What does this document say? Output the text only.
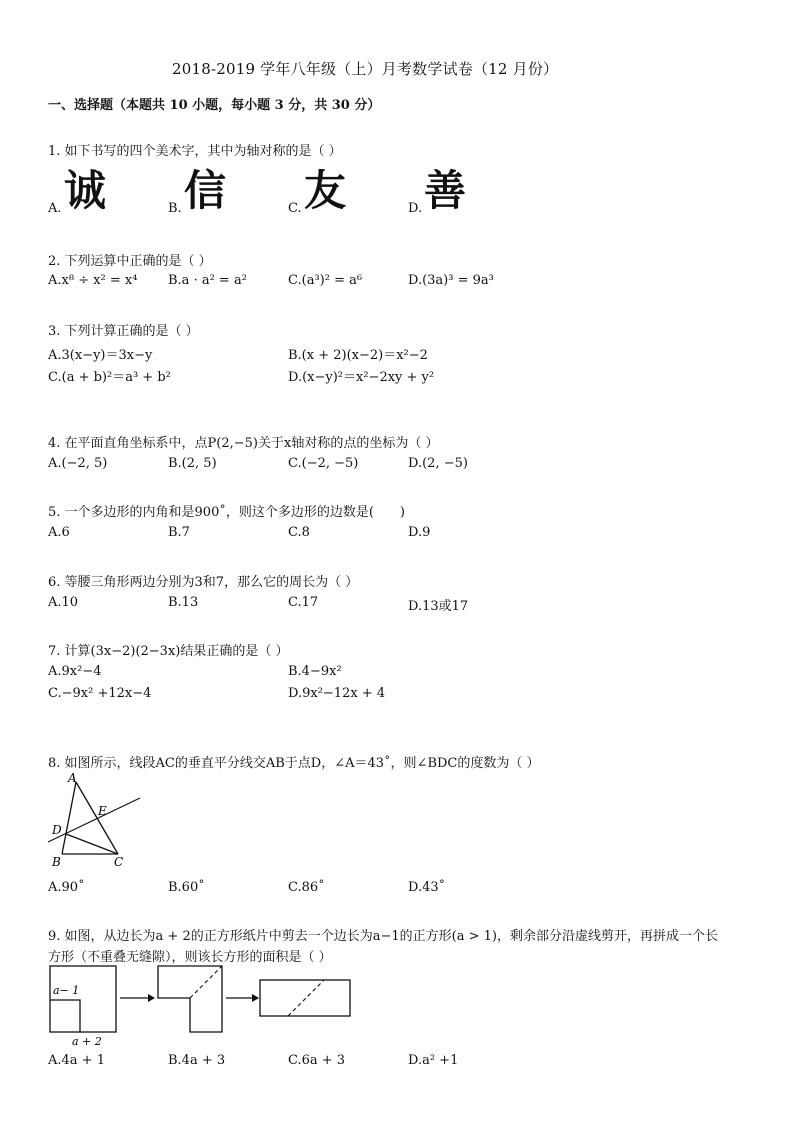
2018-2019 学年八年级（上）月考数学试卷（12 月份）
一、选择题（本题共 10 小题，每小题 3 分，共 30 分）
1. 如下书写的四个美术字，其中为轴对称的是（ ）
A. 诚	B. 信	C. 友	D. 善
2. 下列运算中正确的是（ ）
A.x⁸ ÷ x² = x⁴ B.a · a² = a²	C.(a³)² = a⁶	D.(3a)³ = 9a³
3. 下列计算正确的是（ ）
A.3(x−y)＝3x−y	B.(x + 2)(x−2)＝x²−2
C.(a + b)²＝a³ + b²	D.(x−y)²＝x²−2xy + y²
4. 在平面直角坐标系中，点P(2,−5)关于x轴对称的点的坐标为（ ）
A.(−2, 5)	B.(2, 5)	C.(−2, −5)	D.(2, −5)
5. 一个多边形的内角和是900˚，则这个多边形的边数是(　　)
A.6	B.7	C.8	D.9
6. 等腰三角形两边分别为3和7，那么它的周长为（ ）
A.10	B.13	C.17	D.13或17
7. 计算(3x−2)(2−3x)结果正确的是（ ）
A.9x²−4	B.4−9x²
C.−9x² +12x−4	D.9x²−12x + 4
8. 如图所示，线段AC的垂直平分线交AB于点D，∠A＝43˚，则∠BDC的度数为（ ）
A
E
D
B	C
A.90˚	B.60˚	C.86˚	D.43˚
9. 如图，从边长为a + 2的正方形纸片中剪去一个边长为a−1的正方形(a > 1)，剩余部分沿虚线剪开，再拼成一个长
方形（不重叠无缝隙），则该长方形的面积是（ ）
a− 1
a + 2
A.4a + 1	B.4a + 3	C.6a + 3	D.a² +1
